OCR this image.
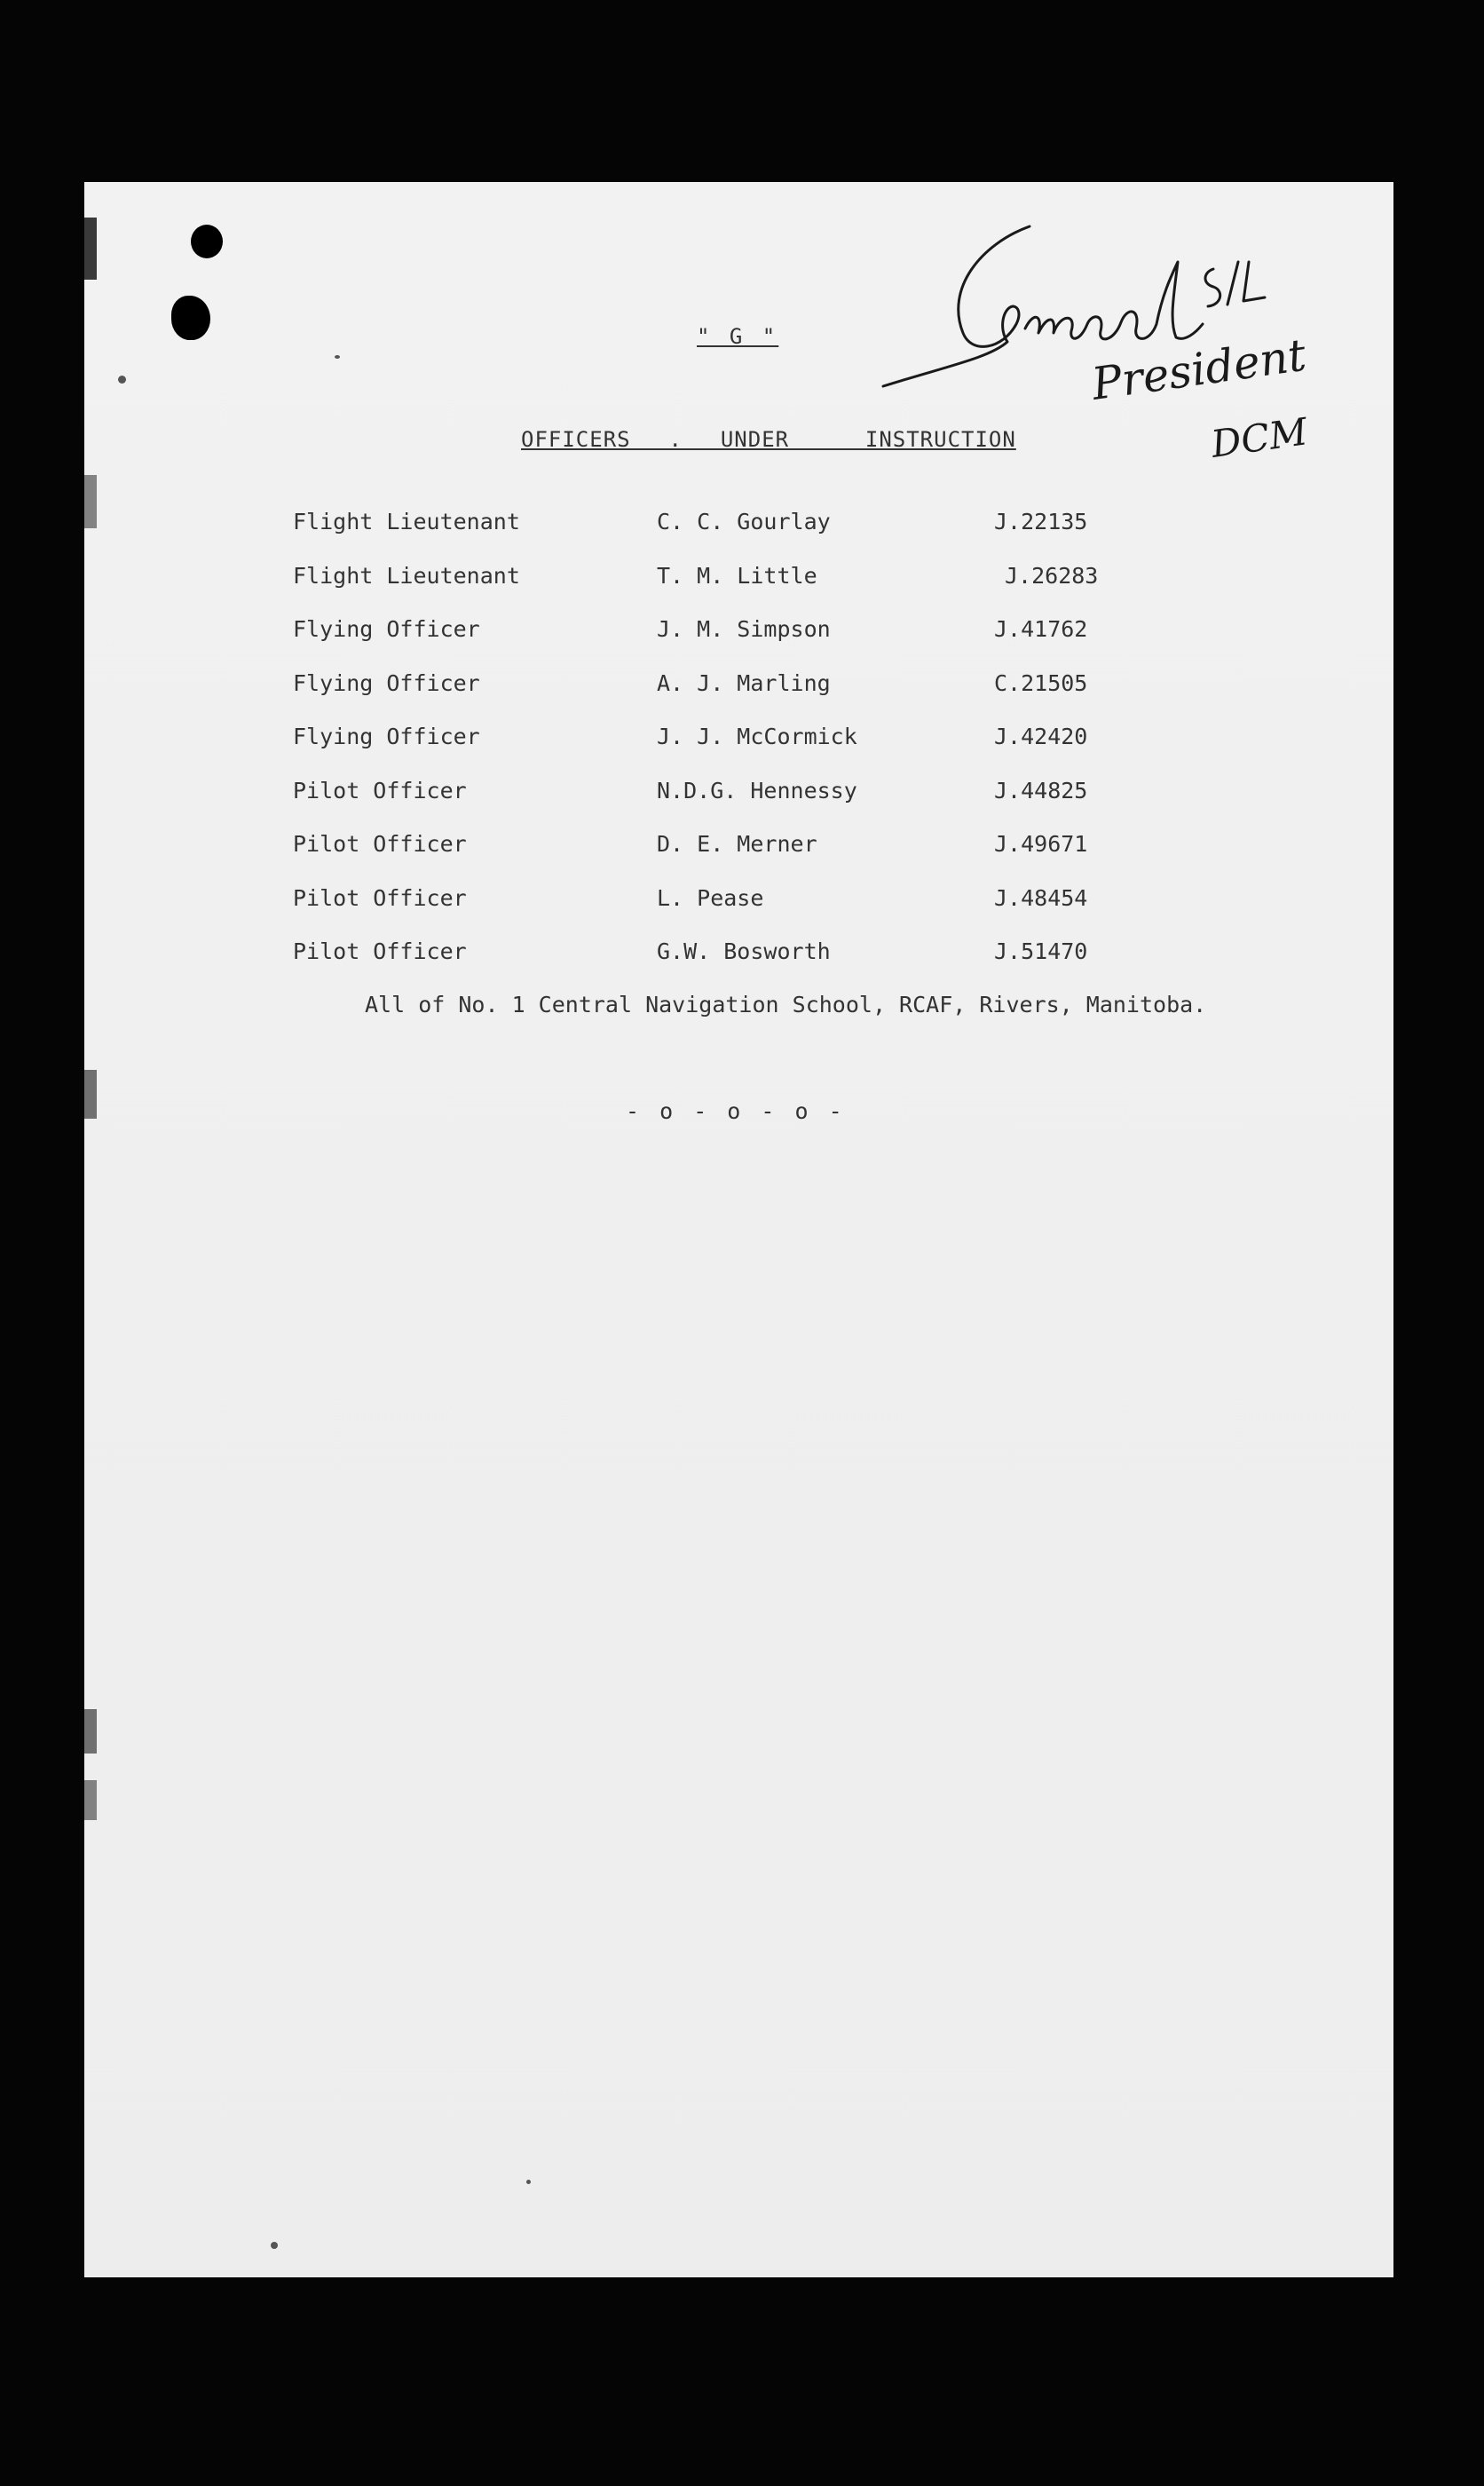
" G "
OFFICERS  .  UNDER    INSTRUCTION
President
DCM
Flight Lieutenant	C. C. Gourlay	J.22135
Flight Lieutenant	T. M. Little	J.26283
Flying Officer	J. M. Simpson	J.41762
Flying Officer	A. J. Marling	C.21505
Flying Officer	J. J. McCormick	J.42420
Pilot Officer	N.D.G. Hennessy	J.44825
Pilot Officer	D. E. Merner	J.49671
Pilot Officer	L. Pease	J.48454
Pilot Officer	G.W. Bosworth	J.51470
All of No. 1 Central Navigation School, RCAF, Rivers, Manitoba.
- o - o - o -
